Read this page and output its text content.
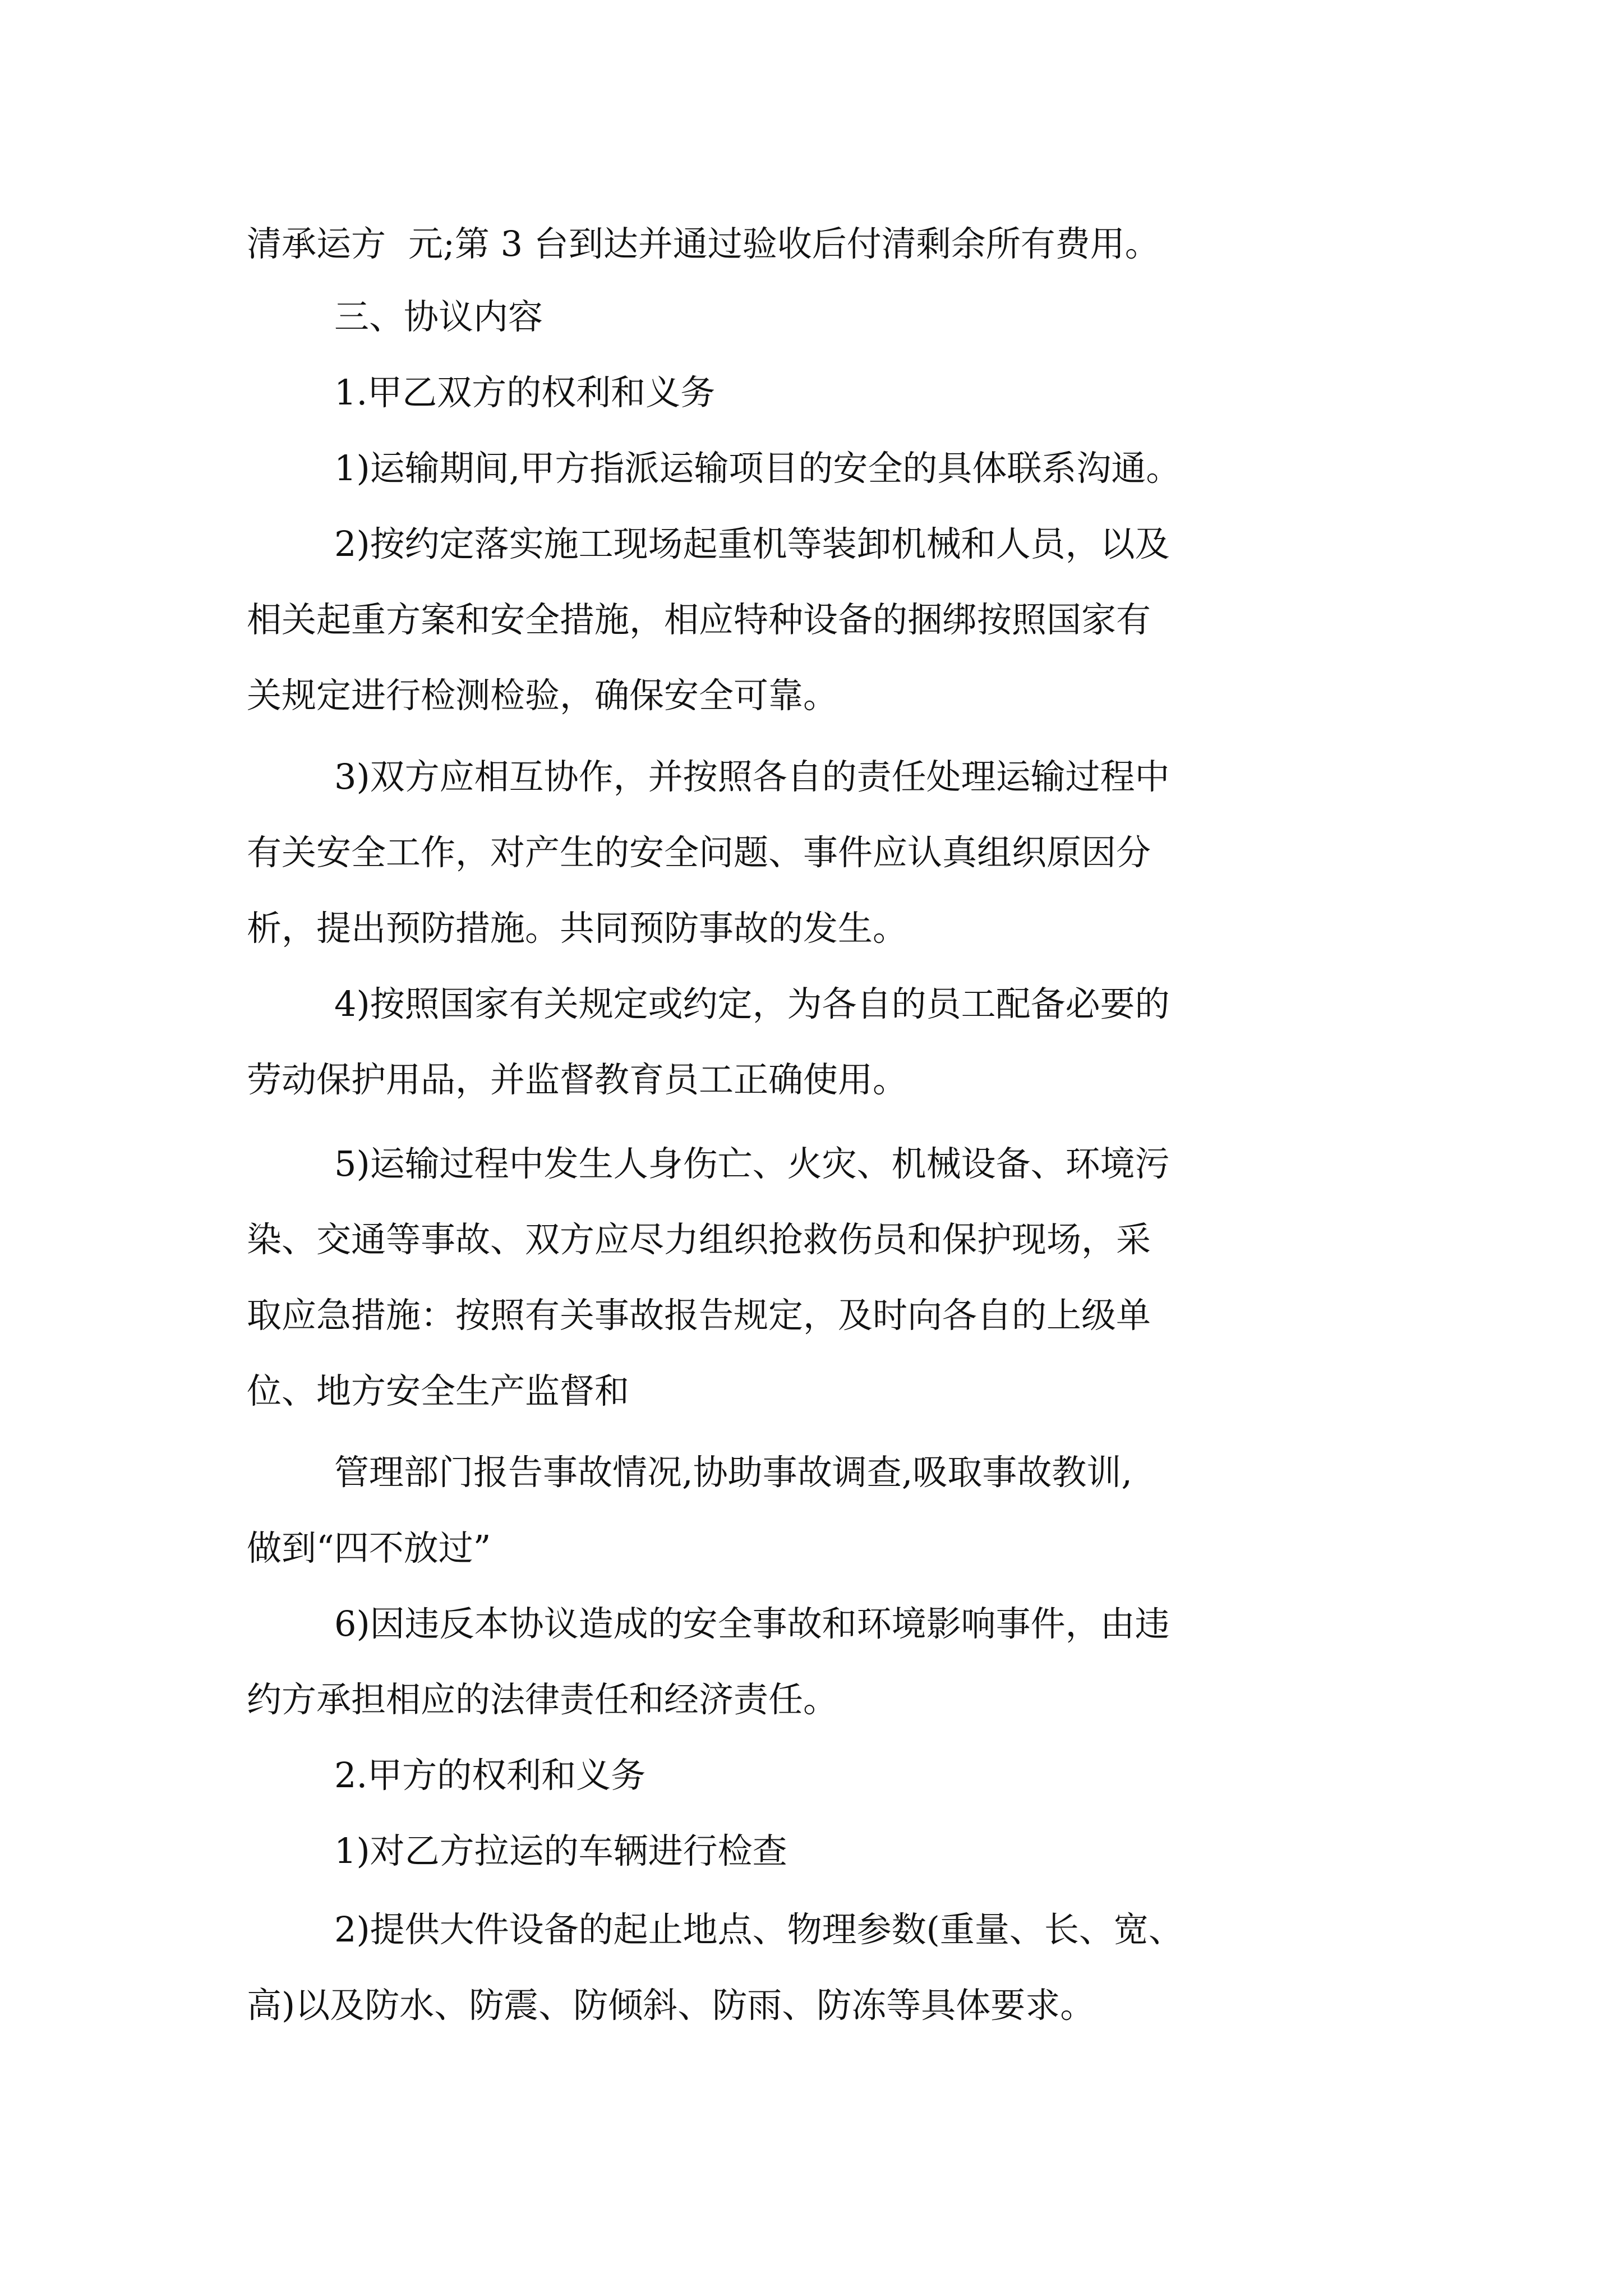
清承运方 元;第 3 台到达并通过验收后付清剩余所有费用。
三、协议内容
1.甲乙双方的权利和义务
1)运输期间,甲方指派运输项目的安全的具体联系沟通。
2)按约定落实施工现场起重机等装卸机械和人员，以及
相关起重方案和安全措施，相应特种设备的捆绑按照国家有
关规定进行检测检验，确保安全可靠。
3)双方应相互协作，并按照各自的责任处理运输过程中
有关安全工作，对产生的安全问题、事件应认真组织原因分
析，提出预防措施。共同预防事故的发生。
4)按照国家有关规定或约定，为各自的员工配备必要的
劳动保护用品，并监督教育员工正确使用。
5)运输过程中发生人身伤亡、火灾、机械设备、环境污
染、交通等事故、双方应尽力组织抢救伤员和保护现场，采
取应急措施：按照有关事故报告规定，及时向各自的上级单
位、地方安全生产监督和
管理部门报告事故情况,协助事故调查,吸取事故教训,
做到“四不放过”
6)因违反本协议造成的安全事故和环境影响事件，由违
约方承担相应的法律责任和经济责任。
2.甲方的权利和义务
1)对乙方拉运的车辆进行检查
2)提供大件设备的起止地点、物理参数(重量、长、宽、
高)以及防水、防震、防倾斜、防雨、防冻等具体要求。
